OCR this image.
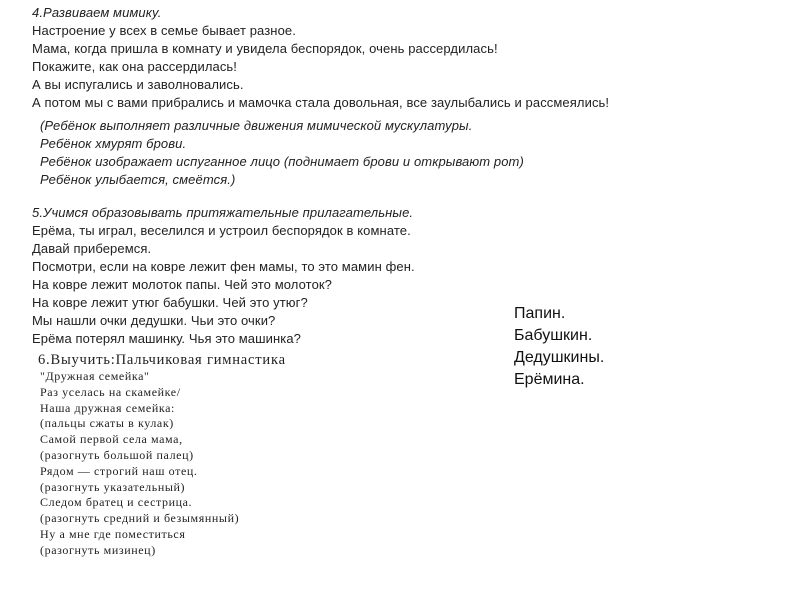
4.Развиваем мимику.
Настроение у всех в семье бывает разное.
Мама, когда пришла в комнату и увидела беспорядок, очень рассердилась!
Покажите, как она рассердилась!
А вы испугались и заволновались.
А потом мы с вами прибрались и мамочка стала довольная, все заулыбались и рассмеялись!
(Ребёнок выполняет различные движения мимической мускулатуры.
Ребёнок хмурят брови.
Ребёнок изображает испуганное лицо (поднимает брови и открывают рот)
Ребёнок улыбается, смеётся.)
5.Учимся образовывать притяжательные прилагательные.
Ерёма, ты играл, веселился и устроил беспорядок в комнате.
Давай приберемся.
Посмотри, если на ковре лежит фен мамы, то это мамин фен.
На ковре лежит молоток папы. Чей это молоток?
На ковре лежит утюг бабушки. Чей это утюг?
Мы нашли очки дедушки. Чьи это очки?
Ерёма потерял машинку. Чья это машинка?
6.Выучить:Пальчиковая гимнастика
"Дружная семейка"
Раз уселась на скамейке/
Наша дружная семейка:
(пальцы сжаты в кулак)
Самой первой села мама,
(разогнуть большой палец)
Рядом — строгий наш отец.
(разогнуть указательный)
Следом братец и сестрица.
(разогнуть средний и безымянный)
Ну а мне где поместиться
(разогнуть мизинец)
Папин.
Бабушкин.
Дедушкины.
Ерёмина.
